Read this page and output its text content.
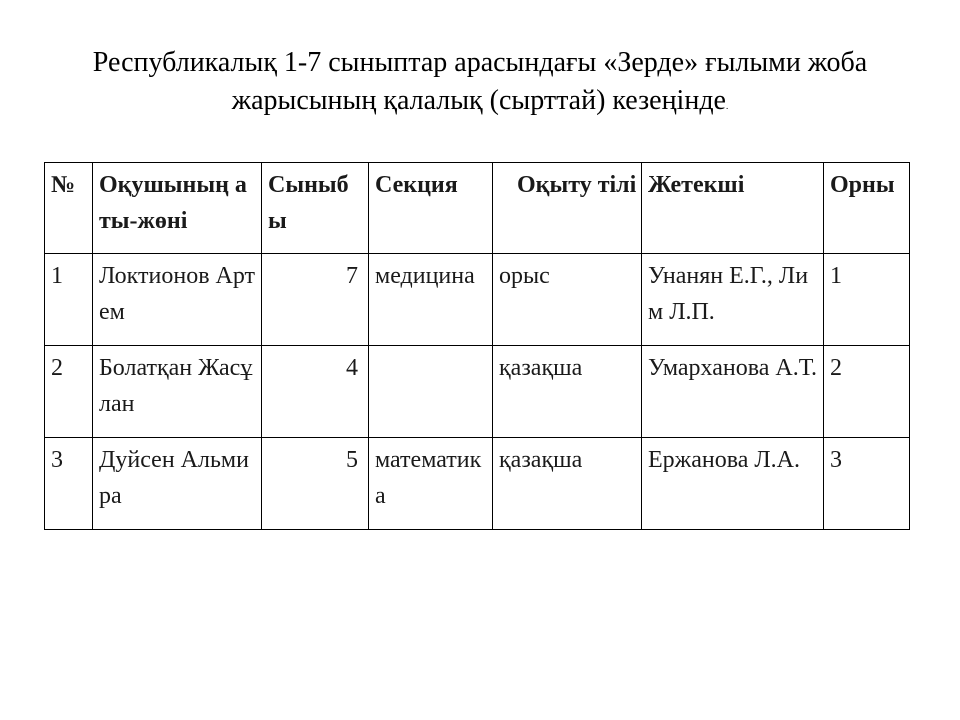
Республикалық 1-7 сыныптар арасындағы «Зерде» ғылыми жоба
жарысының қалалық (сырттай) кезеңінде.
№	Оқушының аты-жөні	Сыныбы	Секция	Оқыту тілі	Жетекші	Орны
1	Локтионов Артем	7	медицина	орыс	Унанян Е.Г., Лим Л.П.	1
2	Болатқан Жасұлан	4		қазақша	Умарханова А.Т.	2
3	Дуйсен Альмира	5	математика	қазақша	Ержанова Л.А.	3
